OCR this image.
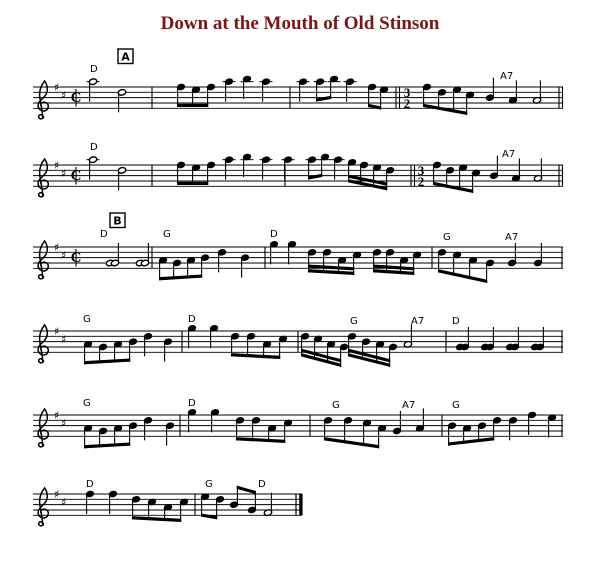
Down at the Mouth of Old Stinson
♯
♯ C	3
2
A
D
A7
♯
♯ C	3
2
D
A7
♯
♯ C
B
D	G	D	G	A7
♯
♯
G	D	G	A7	D
♯
♯
G	D	G	A7	G
♯
♯
D	G	D
